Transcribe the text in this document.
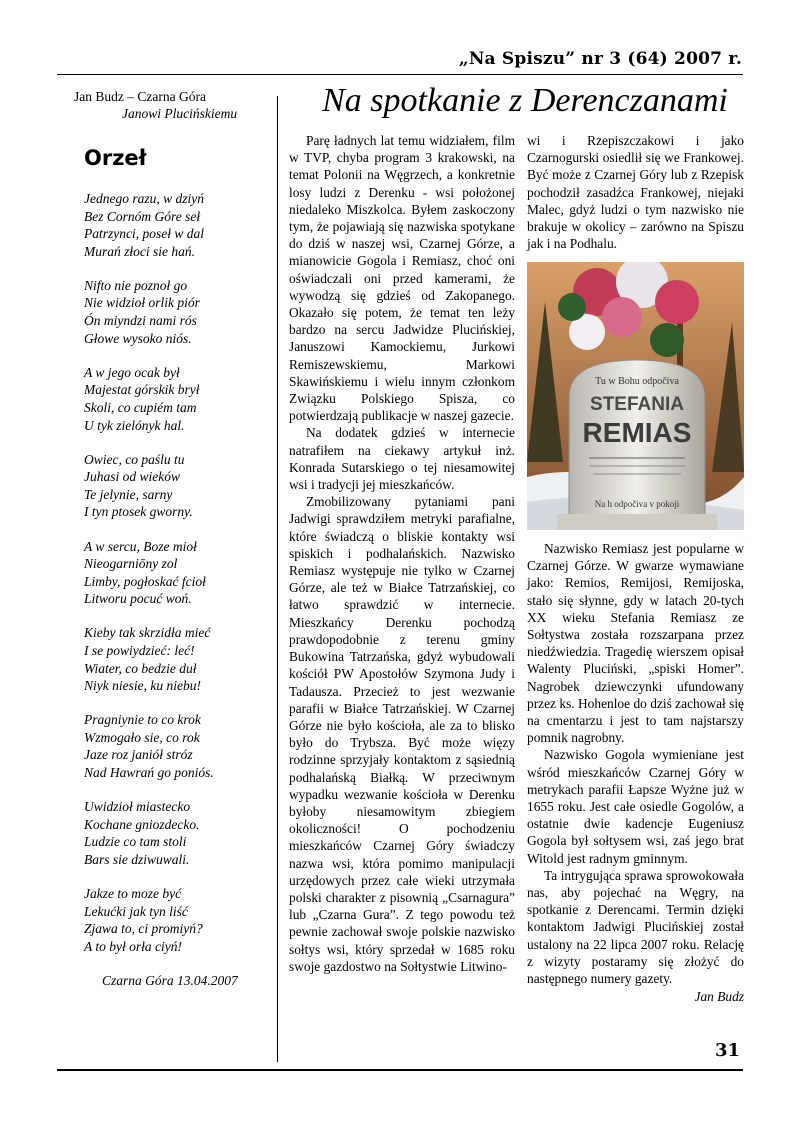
„Na Spiszu” nr 3 (64) 2007 r.

Jan Budz – Czarna Góra

Janowi Plucińskiemu

Orzeł
Jednego razu, w dziyń
Bez Cornóm Góre seł
Patrzynci, poseł w dal
Murań złoci sie hań.
Nifto nie poznoł go
Nie widzioł orlik piór
Ón miyndzi nami rós
Głowe wysoko niós.
A w jego ocak był
Majestat górskik brył
Skoli, co cupiém tam
U tyk zielónyk hal.
Owiec, co paślu tu
Juhasi od wieków
Te jelynie, sarny
I tyn ptosek gworny.
A w sercu, Boze mioł
Nieogarniōny zol
Limby, pogłoskać fcioł
Litworu pocuć woń.
Kieby tak skrzidła mieć
I se powiydzieć: leć!
Wiater, co bedzie duł
Niyk niesie, ku niebu!
Pragniynie to co krok
Wzmogało sie, co rok
Jaze roz janiół stróz
Nad Hawrań go poniós.
Uwidzioł miastecko
Kochane gniozdecko.
Ludzie co tam stoli
Bars sie dziwuwali.
Jakze to moze być
Lekućki jak tyn liść
Zjawa to, ci promiyń?
A to był orła ciyń!
Czarna Góra 13.04.2007
Na spotkanie z Derenczanami

Parę ładnych lat temu widziałem, film w TVP, chyba program 3 krakowski, na temat Polonii na Węgrzech, a konkretnie losy ludzi z Derenku - wsi położonej niedaleko Miszkolca. Byłem zaskoczony tym, że pojawiają się nazwiska spotykane do dziś w naszej wsi, Czarnej Górze, a mianowicie Gogola i Remiasz, choć oni oświadczali oni przed kamerami, że wywodzą się gdzieś od Zakopanego. Okazało się potem, że temat ten leży bardzo na sercu Jadwidze Plucińskiej, Januszowi Kamockiemu, Jurkowi Remiszewskiemu, Markowi Skawińskiemu i wielu innym członkom Związku Polskiego Spisza, co potwierdzają publikacje w naszej gazecie.

Na dodatek gdzieś w internecie natrafiłem na ciekawy artykuł inż. Konrada Sutarskiego o tej niesamowitej wsi i tradycji jej mieszkańców.

Zmobilizowany pytaniami pani Jadwigi sprawdziłem metryki parafialne, które świadczą o bliskie kontakty wsi spiskich i podhalańskich. Nazwisko Remiasz występuje nie tylko w Czarnej Górze, ale też w Białce Tatrzańskiej, co łatwo sprawdzić w internecie. Mieszkańcy Derenku pochodzą prawdopodobnie z terenu gminy Bukowina Tatrzańska, gdyż wybudowali kościół PW Apostołów Szymona Judy i Tadausza. Przecież to jest wezwanie parafii w Białce Tatrzańskiej. W Czarnej Górze nie było kościoła, ale za to blisko było do Trybsza. Być może więzy rodzinne sprzyjały kontaktom z sąsiednią podhalańską Białką. W przeciwnym wypadku wezwanie kościoła w Derenku byłoby niesamowitym zbiegiem okoliczności! O pochodzeniu mieszkańców Czarnej Góry świadczy nazwa wsi, która pomimo manipulacji urzędowych przez całe wieki utrzymała polski charakter z pisownią „Csarnagura” lub „Czarna Gura”. Z tego powodu też pewnie zachował swoje polskie nazwisko sołtys wsi, który sprzedał w 1685 roku swoje gazdostwo na Sołtystwie Litwino-

wi i Rzepiszczakowi i jako Czarnogurski osiedlił się we Frankowej. Być może z Czarnej Góry lub z Rzepisk pochodził zasadźca Frankowej, niejaki Malec, gdyż ludzi o tym nazwisko nie brakuje w okolicy – zarówno na Spiszu jak i na Podhalu.

Tu w Bohu odpočiva
STEFANIA
REMIAS
Na h odpočiva v pokoji

Nazwisko Remiasz jest popularne w Czarnej Górze. W gwarze wymawiane jako: Remios, Remijosi, Remijoska, stało się słynne, gdy w latach 20-tych XX wieku Stefania Remiasz ze Sołtystwa została rozszarpana przez niedźwiedzia. Tragedię wierszem opisał Walenty Pluciński, „spiski Homer”. Nagrobek dziewczynki ufundowany przez ks. Hohenloe do dziś zachował się na cmentarzu i jest to tam najstarszy pomnik nagrobny.

Nazwisko Gogola wymieniane jest wśród mieszkańców Czarnej Góry w metrykach parafii Łapsze Wyżne już w 1655 roku. Jest całe osiedle Gogolów, a ostatnie dwie kadencje Eugeniusz Gogola był sołtysem wsi, zaś jego brat Witold jest radnym gminnym.

Ta intrygująca sprawa sprowokowała nas, aby pojechać na Węgry, na spotkanie z Derencami. Termin dzięki kontaktom Jadwigi Plucińskiej został ustalony na 22 lipca 2007 roku. Relację z wizyty postaramy się złożyć do następnego numery gazety.

Jan Budz
31
